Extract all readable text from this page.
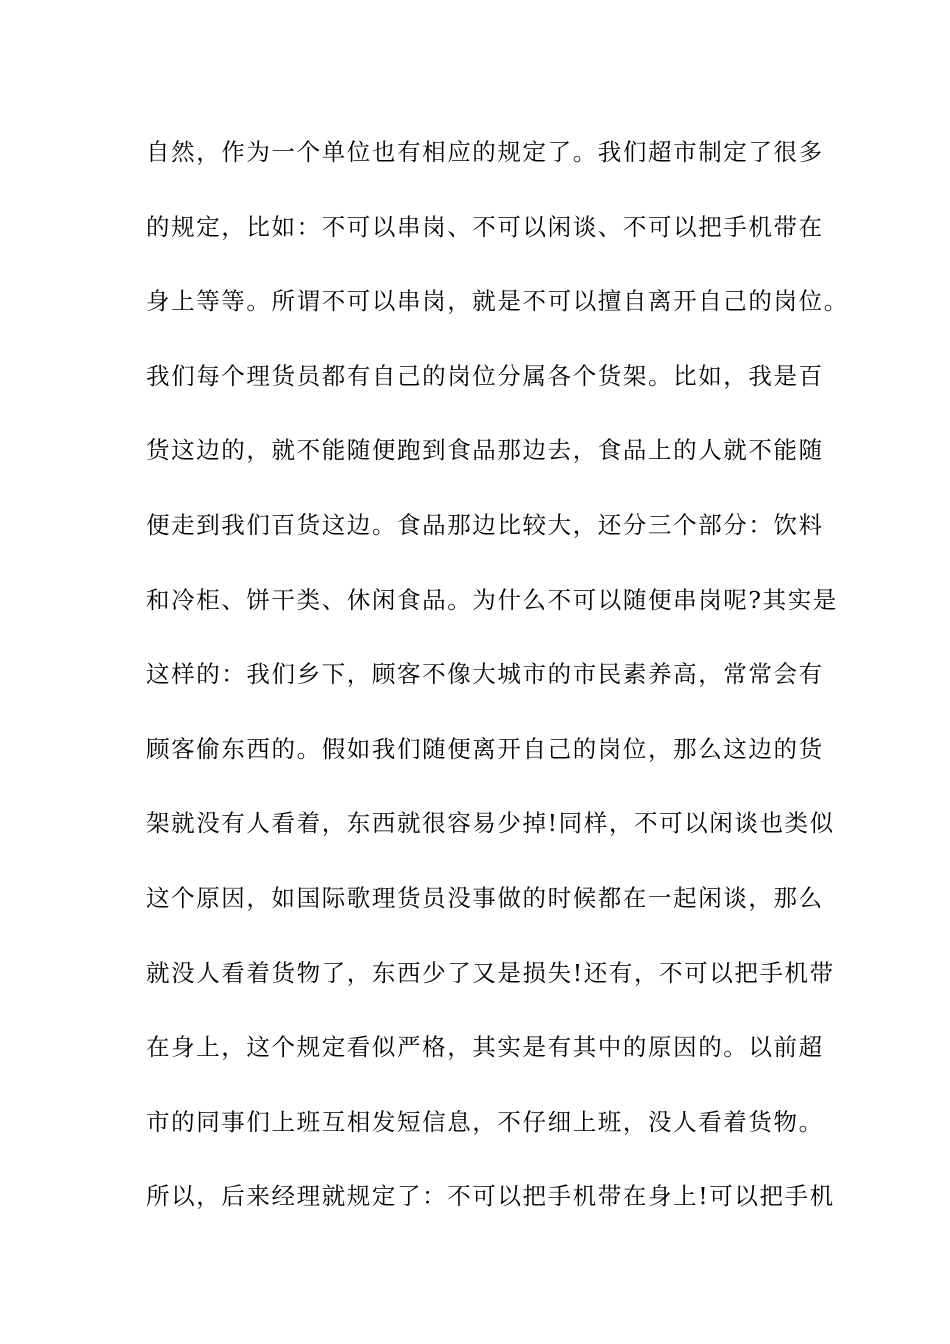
自然，作为一个单位也有相应的规定了。我们超市制定了很多
的规定，比如：不可以串岗、不可以闲谈、不可以把手机带在
身上等等。所谓不可以串岗，就是不可以擅自离开自己的岗位。
我们每个理货员都有自己的岗位分属各个货架。比如，我是百
货这边的，就不能随便跑到食品那边去，食品上的人就不能随
便走到我们百货这边。食品那边比较大，还分三个部分：饮料
和冷柜、饼干类、休闲食品。为什么不可以随便串岗呢?其实是
这样的：我们乡下，顾客不像大城市的市民素养高，常常会有
顾客偷东西的。假如我们随便离开自己的岗位，那么这边的货
架就没有人看着，东西就很容易少掉!同样，不可以闲谈也类似
这个原因，如国际歌理货员没事做的时候都在一起闲谈，那么
就没人看着货物了，东西少了又是损失!还有，不可以把手机带
在身上，这个规定看似严格，其实是有其中的原因的。以前超
市的同事们上班互相发短信息，不仔细上班，没人看着货物。
所以，后来经理就规定了：不可以把手机带在身上!可以把手机
